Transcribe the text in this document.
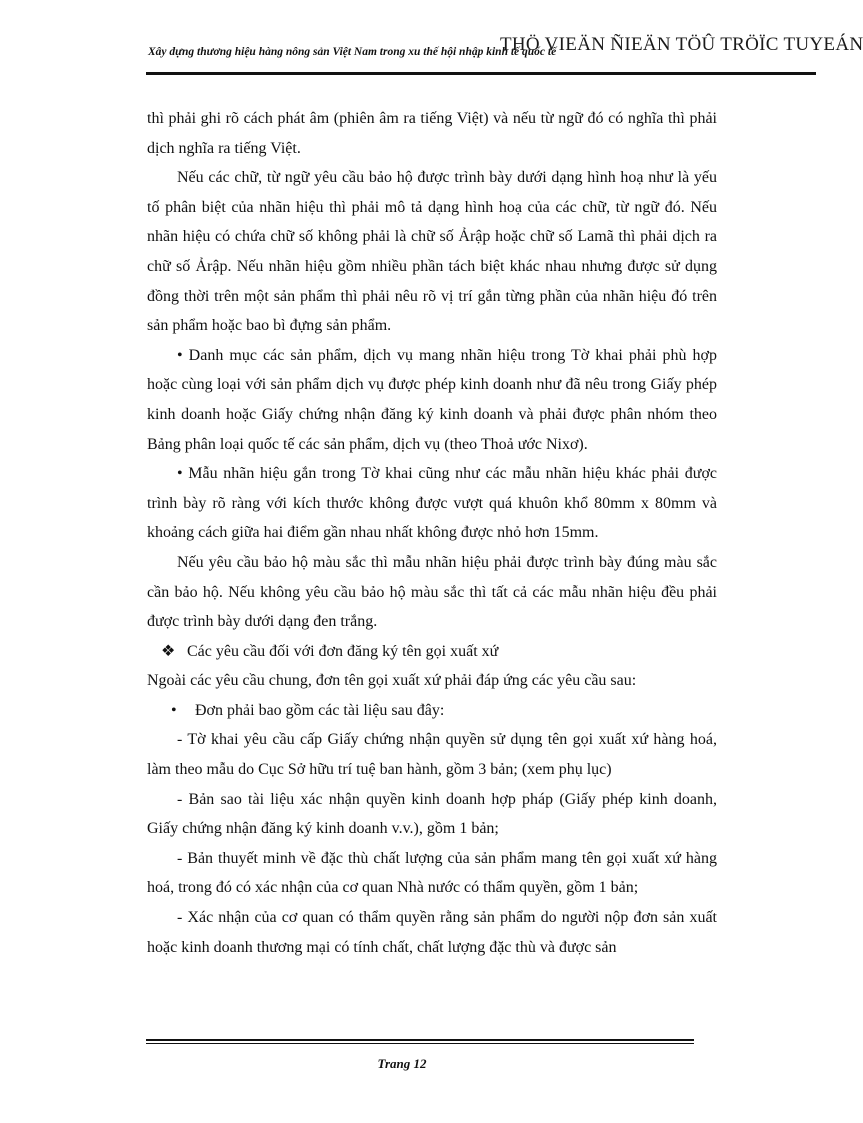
Xây dựng thương hiệu hàng nông sản Việt Nam trong xu thế hội nhập kinh tế quốc tế
THÖ VIEÄN ÑIEÄN TÖÛ TRÖÏC TUYEÁN

thì phải ghi rõ cách phát âm (phiên âm ra tiếng Việt) và nếu từ ngữ đó có nghĩa thì phải dịch nghĩa ra tiếng Việt.

Nếu các chữ, từ ngữ yêu cầu bảo hộ được trình bày dưới dạng hình hoạ như là yếu tố phân biệt của nhãn hiệu thì phải mô tả dạng hình hoạ của các chữ, từ ngữ đó. Nếu nhãn hiệu có chứa chữ số không phải là chữ số Ảrập hoặc chữ số Lamã thì phải dịch ra chữ số Ảrập. Nếu nhãn hiệu gồm nhiều phần tách biệt khác nhau nhưng được sử dụng đồng thời trên một sản phẩm thì phải nêu rõ vị trí gắn từng phần của nhãn hiệu đó trên sản phẩm hoặc bao bì đựng sản phẩm.

• Danh mục các sản phẩm, dịch vụ mang nhãn hiệu trong Tờ khai phải phù hợp hoặc cùng loại với sản phẩm dịch vụ được phép kinh doanh như đã nêu trong Giấy phép kinh doanh hoặc Giấy chứng nhận đăng ký kinh doanh và phải được phân nhóm theo Bảng phân loại quốc tế các sản phẩm, dịch vụ (theo Thoả ước Nixơ).

• Mẫu nhãn hiệu gắn trong Tờ khai cũng như các mẫu nhãn hiệu khác phải được trình bày rõ ràng với kích thước không được vượt quá khuôn khổ 80mm x 80mm và khoảng cách giữa hai điểm gần nhau nhất không được nhỏ hơn 15mm.

Nếu yêu cầu bảo hộ màu sắc thì mẫu nhãn hiệu phải được trình bày đúng màu sắc cần bảo hộ. Nếu không yêu cầu bảo hộ màu sắc thì tất cả các mẫu nhãn hiệu đều phải được trình bày dưới dạng đen trắng.

❖ Các yêu cầu đối với đơn đăng ký tên gọi xuất xứ

Ngoài các yêu cầu chung, đơn tên gọi xuất xứ phải đáp ứng các yêu cầu sau:

• Đơn phải bao gồm các tài liệu sau đây:

- Tờ khai yêu cầu cấp Giấy chứng nhận quyền sử dụng tên gọi xuất xứ hàng hoá, làm theo mẫu do Cục Sở hữu trí tuệ ban hành, gồm 3 bản; (xem phụ lục)

- Bản sao tài liệu xác nhận quyền kinh doanh hợp pháp (Giấy phép kinh doanh, Giấy chứng nhận đăng ký kinh doanh v.v.), gồm 1 bản;

- Bản thuyết minh về đặc thù chất lượng của sản phẩm mang tên gọi xuất xứ hàng hoá, trong đó có xác nhận của cơ quan Nhà nước có thẩm quyền, gồm 1 bản;

- Xác nhận của cơ quan có thẩm quyền rằng sản phẩm do người nộp đơn sản xuất hoặc kinh doanh thương mại có tính chất, chất lượng đặc thù và được sản

Trang 12
